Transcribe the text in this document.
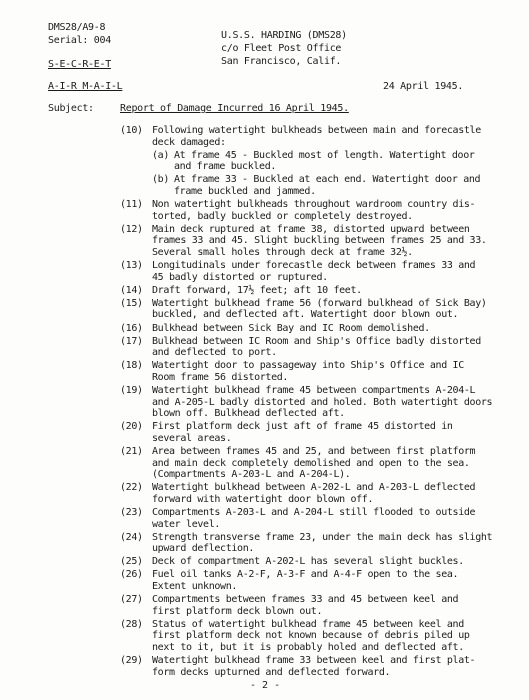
DMS28/A9-8
Serial: 004
S-E-C-R-E-T
A-I-R M-A-I-L
U.S.S. HARDING (DMS28)
c/o Fleet Post Office
San Francisco, Calif.
24 April 1945.
Subject:	Report of Damage Incurred 16 April 1945.
(10) Following watertight bulkheads between main and forecastle
deck damaged:
(a) At frame 45 - Buckled most of length. Watertight door
and frame buckled.
(b) At frame 33 - Buckled at each end. Watertight door and
frame buckled and jammed.
(11) Non watertight bulkheads throughout wardroom country dis-
torted, badly buckled or completely destroyed.
(12) Main deck ruptured at frame 38, distorted upward between
frames 33 and 45. Slight buckling between frames 25 and 33.
Several small holes through deck at frame 32½.
(13) Longitudinals under forecastle deck between frames 33 and
45 badly distorted or ruptured.
(14) Draft forward, 17½ feet; aft 10 feet.
(15) Watertight bulkhead frame 56 (forward bulkhead of Sick Bay)
buckled, and deflected aft. Watertight door blown out.
(16) Bulkhead between Sick Bay and IC Room demolished.
(17) Bulkhead between IC Room and Ship's Office badly distorted
and deflected to port.
(18) Watertight door to passageway into Ship's Office and IC
Room frame 56 distorted.
(19) Watertight bulkhead frame 45 between compartments A-204-L
and A-205-L badly distorted and holed. Both watertight doors
blown off. Bulkhead deflected aft.
(20) First platform deck just aft of frame 45 distorted in
several areas.
(21) Area between frames 45 and 25, and between first platform
and main deck completely demolished and open to the sea.
(Compartments A-203-L and A-204-L).
(22) Watertight bulkhead between A-202-L and A-203-L deflected
forward with watertight door blown off.
(23) Compartments A-203-L and A-204-L still flooded to outside
water level.
(24) Strength transverse frame 23, under the main deck has slight
upward deflection.
(25) Deck of compartment A-202-L has several slight buckles.
(26) Fuel oil tanks A-2-F, A-3-F and A-4-F open to the sea.
Extent unknown.
(27) Compartments between frames 33 and 45 between keel and
first platform deck blown out.
(28) Status of watertight bulkhead frame 45 between keel and
first platform deck not known because of debris piled up
next to it, but it is probably holed and deflected aft.
(29) Watertight bulkhead frame 33 between keel and first plat-
form decks upturned and deflected forward.
- 2 -
